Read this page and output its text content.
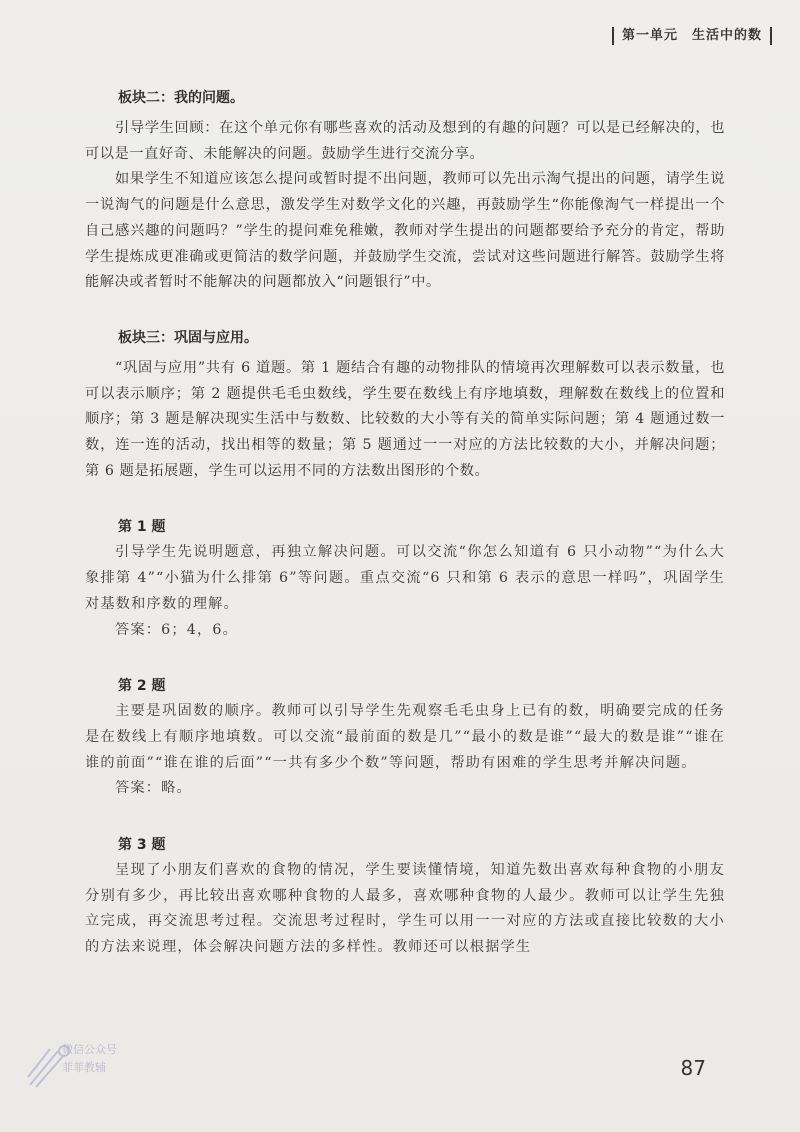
第一单元 生活中的数
板块二：我的问题。

引导学生回顾：在这个单元你有哪些喜欢的活动及想到的有趣的问题？可以是已经解决的，也可以是一直好奇、未能解决的问题。鼓励学生进行交流分享。

如果学生不知道应该怎么提问或暂时提不出问题，教师可以先出示淘气提出的问题，请学生说一说淘气的问题是什么意思，激发学生对数学文化的兴趣，再鼓励学生“你能像淘气一样提出一个自己感兴趣的问题吗？”学生的提问难免稚嫩，教师对学生提出的问题都要给予充分的肯定，帮助学生提炼成更准确或更简洁的数学问题，并鼓励学生交流，尝试对这些问题进行解答。鼓励学生将能解决或者暂时不能解决的问题都放入“问题银行”中。

板块三：巩固与应用。

“巩固与应用”共有 6 道题。第 1 题结合有趣的动物排队的情境再次理解数可以表示数量，也可以表示顺序；第 2 题提供毛毛虫数线，学生要在数线上有序地填数，理解数在数线上的位置和顺序；第 3 题是解决现实生活中与数数、比较数的大小等有关的简单实际问题；第 4 题通过数一数，连一连的活动，找出相等的数量；第 5 题通过一一对应的方法比较数的大小，并解决问题；第 6 题是拓展题，学生可以运用不同的方法数出图形的个数。

第 1 题

引导学生先说明题意，再独立解决问题。可以交流“你怎么知道有 6 只小动物”“为什么大象排第 4”“小猫为什么排第 6”等问题。重点交流“6 只和第 6 表示的意思一样吗”，巩固学生对基数和序数的理解。

答案：6；4，6。

第 2 题

主要是巩固数的顺序。教师可以引导学生先观察毛毛虫身上已有的数，明确要完成的任务是在数线上有顺序地填数。可以交流“最前面的数是几”“最小的数是谁”“最大的数是谁”“谁在谁的前面”“谁在谁的后面”“一共有多少个数”等问题，帮助有困难的学生思考并解决问题。

答案：略。

第 3 题

呈现了小朋友们喜欢的食物的情况，学生要读懂情境，知道先数出喜欢每种食物的小朋友分别有多少，再比较出喜欢哪种食物的人最多，喜欢哪种食物的人最少。教师可以让学生先独立完成，再交流思考过程。交流思考过程时，学生可以用一一对应的方法或直接比较数的大小的方法来说理，体会解决问题方法的多样性。教师还可以根据学生

微信公众号
菲菲教辅	87
